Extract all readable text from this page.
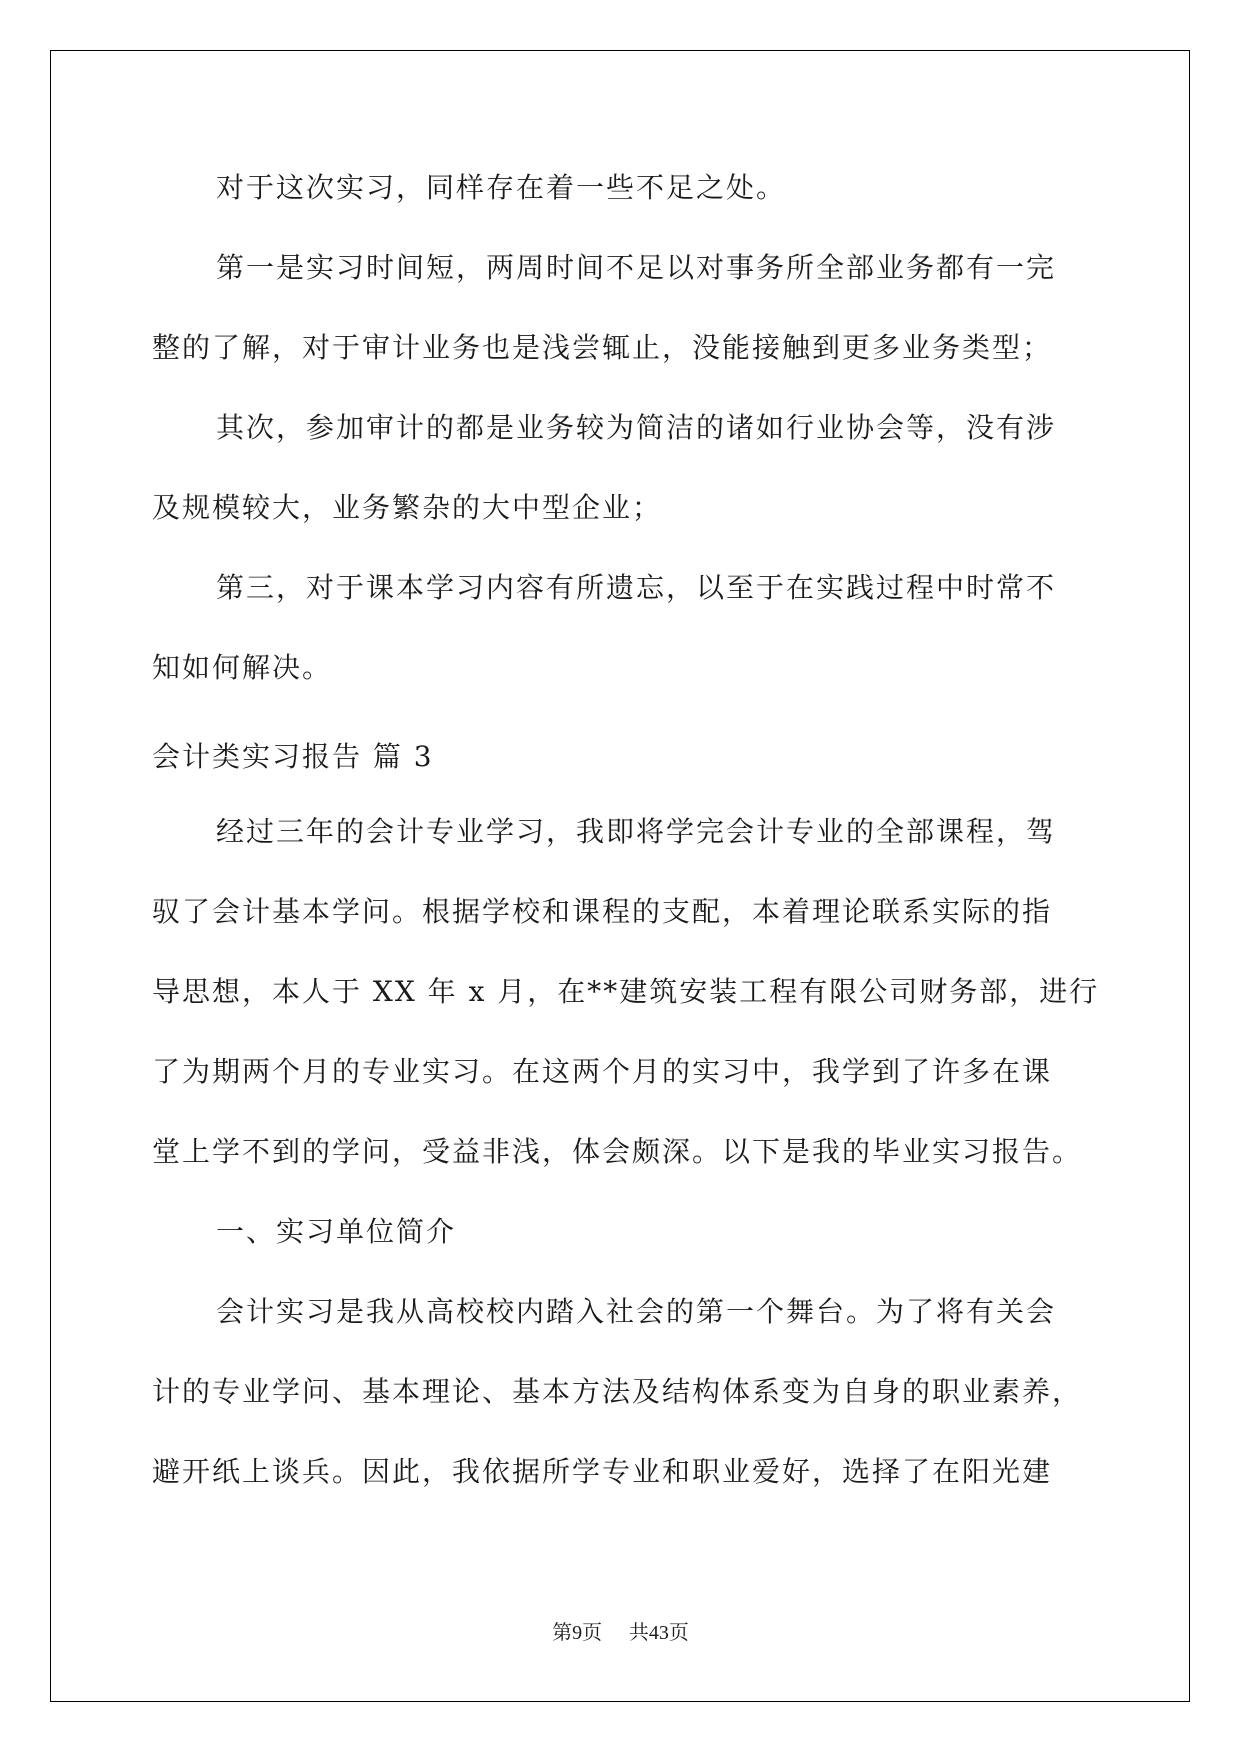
对于这次实习，同样存在着一些不足之处。
第一是实习时间短，两周时间不足以对事务所全部业务都有一完
整的了解，对于审计业务也是浅尝辄止，没能接触到更多业务类型；
其次，参加审计的都是业务较为简洁的诸如行业协会等，没有涉
及规模较大，业务繁杂的大中型企业；
第三，对于课本学习内容有所遗忘，以至于在实践过程中时常不
知如何解决。
会计类实习报告 篇 3
经过三年的会计专业学习，我即将学完会计专业的全部课程，驾
驭了会计基本学问。根据学校和课程的支配，本着理论联系实际的指
导思想，本人于 XX 年 x 月，在**建筑安装工程有限公司财务部，进行
了为期两个月的专业实习。在这两个月的实习中，我学到了许多在课
堂上学不到的学问，受益非浅，体会颇深。以下是我的毕业实习报告。
一、实习单位简介
会计实习是我从高校校内踏入社会的第一个舞台。为了将有关会
计的专业学问、基本理论、基本方法及结构体系变为自身的职业素养，
避开纸上谈兵。因此，我依据所学专业和职业爱好，选择了在阳光建
第9页 共43页
